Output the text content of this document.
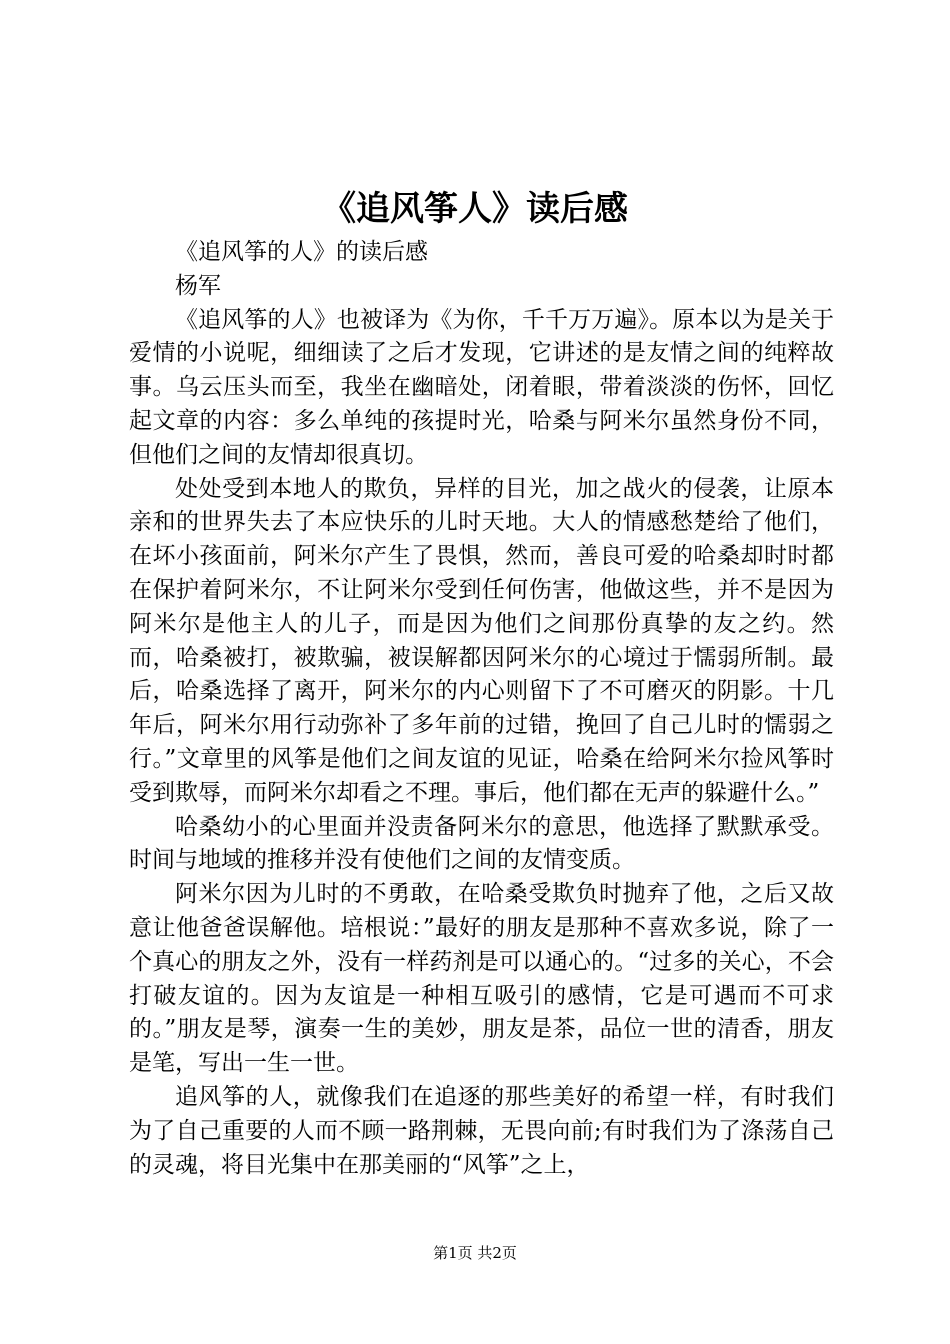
《追风筝人》读后感

《追风筝的人》的读后感

杨军

《追风筝的人》也被译为《为你，千千万万遍》。原本以为是关于爱情的小说呢，细细读了之后才发现，它讲述的是友情之间的纯粹故事。乌云压头而至，我坐在幽暗处，闭着眼，带着淡淡的伤怀，回忆起文章的内容：多么单纯的孩提时光，哈桑与阿米尔虽然身份不同，但他们之间的友情却很真切。

处处受到本地人的欺负，异样的目光，加之战火的侵袭，让原本亲和的世界失去了本应快乐的儿时天地。大人的情感愁楚给了他们，在坏小孩面前，阿米尔产生了畏惧，然而，善良可爱的哈桑却时时都在保护着阿米尔，不让阿米尔受到任何伤害，他做这些，并不是因为阿米尔是他主人的儿子，而是因为他们之间那份真挚的友之约。然而，哈桑被打，被欺骗，被误解都因阿米尔的心境过于懦弱所制。最后，哈桑选择了离开，阿米尔的内心则留下了不可磨灭的阴影。十几年后，阿米尔用行动弥补了多年前的过错，挽回了自己儿时的懦弱之行。”文章里的风筝是他们之间友谊的见证，哈桑在给阿米尔捡风筝时受到欺辱，而阿米尔却看之不理。事后，他们都在无声的躲避什么。”

哈桑幼小的心里面并没责备阿米尔的意思，他选择了默默承受。时间与地域的推移并没有使他们之间的友情变质。

阿米尔因为儿时的不勇敢，在哈桑受欺负时抛弃了他，之后又故意让他爸爸误解他。培根说：”最好的朋友是那种不喜欢多说，除了一个真心的朋友之外，没有一样药剂是可以通心的。“过多的关心，不会打破友谊的。因为友谊是一种相互吸引的感情，它是可遇而不可求的。”朋友是琴，演奏一生的美妙，朋友是茶，品位一世的清香，朋友是笔，写出一生一世。

追风筝的人，就像我们在追逐的那些美好的希望一样，有时我们为了自己重要的人而不顾一路荆棘，无畏向前;有时我们为了涤荡自己的灵魂，将目光集中在那美丽的“风筝”之上，

第1页 共2页
